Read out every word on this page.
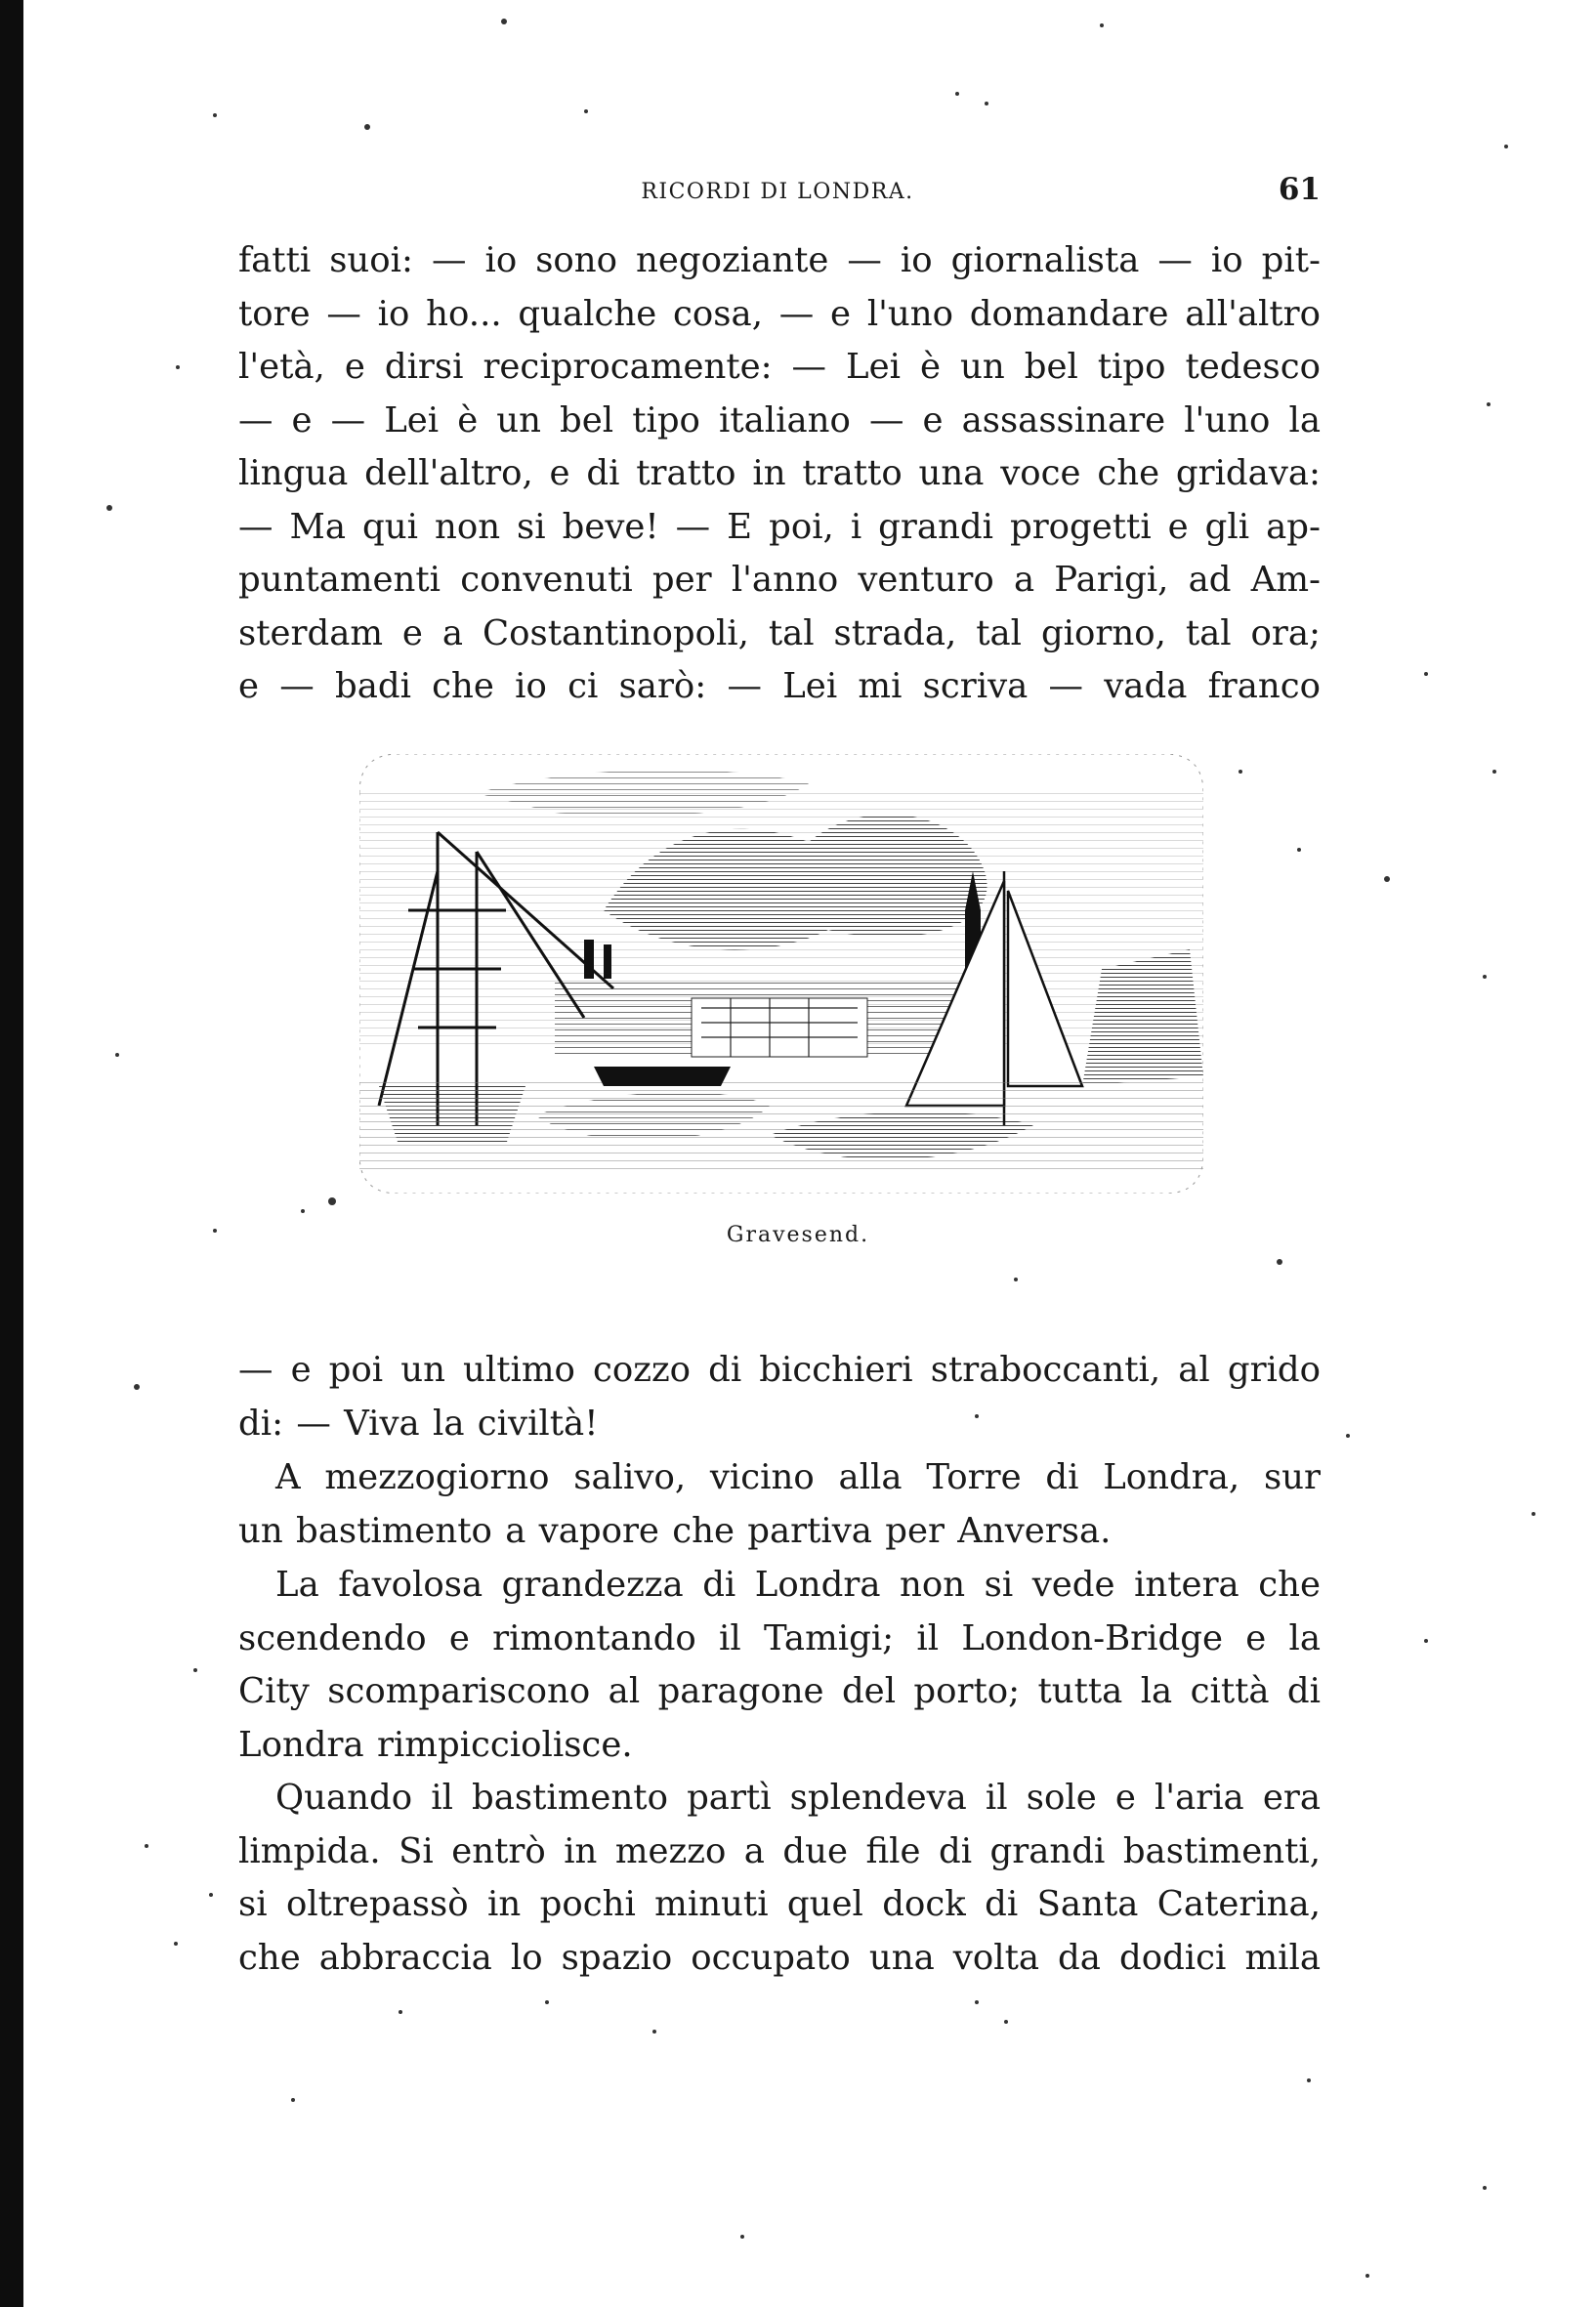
RICORDI DI LONDRA.	61
fatti suoi: — io sono negoziante — io giornalista — io pit-
tore — io ho... qualche cosa, — e l'uno domandare all'altro
l'età, e dirsi reciprocamente: — Lei è un bel tipo tedesco
— e — Lei è un bel tipo italiano — e assassinare l'uno la
lingua dell'altro, e di tratto in tratto una voce che gridava:
— Ma qui non si beve! — E poi, i grandi progetti e gli ap-
puntamenti convenuti per l'anno venturo a Parigi, ad Am-
sterdam e a Costantinopoli, tal strada, tal giorno, tal ora;
e — badi che io ci sarò: — Lei mi scriva — vada franco
Gravesend.
— e poi un ultimo cozzo di bicchieri straboccanti, al grido
di: — Viva la civiltà!
A mezzogiorno salivo, vicino alla Torre di Londra, sur
un bastimento a vapore che partiva per Anversa.
La favolosa grandezza di Londra non si vede intera che
scendendo e rimontando il Tamigi; il London-Bridge e la
City scompariscono al paragone del porto; tutta la città di
Londra rimpicciolisce.
Quando il bastimento partì splendeva il sole e l'aria era
limpida. Si entrò in mezzo a due file di grandi bastimenti,
si oltrepassò in pochi minuti quel dock di Santa Caterina,
che abbraccia lo spazio occupato una volta da dodici mila
